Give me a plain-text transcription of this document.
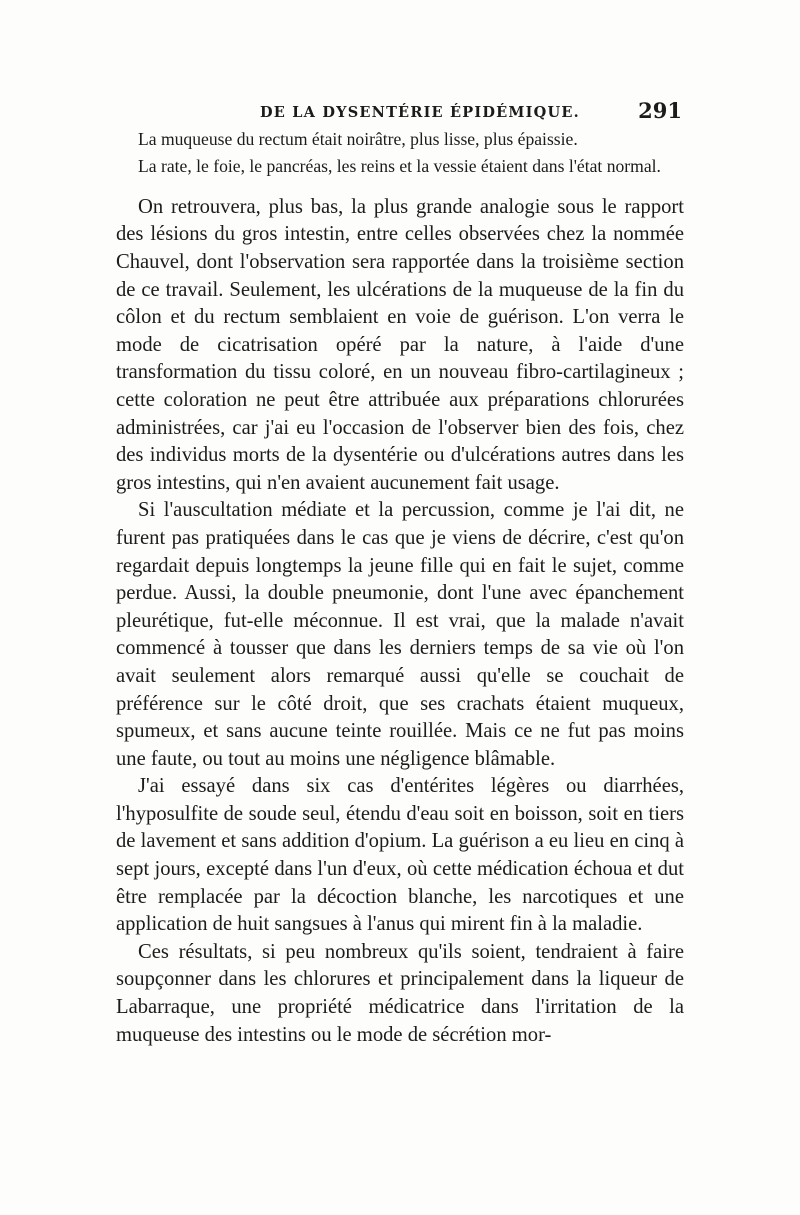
DE LA DYSENTÉRIE ÉPIDÉMIQUE.	291

La muqueuse du rectum était noirâtre, plus lisse, plus épaissie.

La rate, le foie, le pancréas, les reins et la vessie étaient dans l'état normal.

On retrouvera, plus bas, la plus grande analogie sous le rapport des lésions du gros intestin, entre celles observées chez la nommée Chauvel, dont l'observation sera rapportée dans la troisième section de ce travail. Seulement, les ulcérations de la muqueuse de la fin du côlon et du rectum semblaient en voie de guérison. L'on verra le mode de cicatrisation opéré par la nature, à l'aide d'une transformation du tissu coloré, en un nouveau fibro-cartilagineux ; cette coloration ne peut être attribuée aux préparations chlorurées administrées, car j'ai eu l'occasion de l'observer bien des fois, chez des individus morts de la dysentérie ou d'ulcérations autres dans les gros intestins, qui n'en avaient aucunement fait usage.

Si l'auscultation médiate et la percussion, comme je l'ai dit, ne furent pas pratiquées dans le cas que je viens de décrire, c'est qu'on regardait depuis longtemps la jeune fille qui en fait le sujet, comme perdue. Aussi, la double pneumonie, dont l'une avec épanchement pleurétique, fut-elle méconnue. Il est vrai, que la malade n'avait commencé à tousser que dans les derniers temps de sa vie où l'on avait seulement alors remarqué aussi qu'elle se couchait de préférence sur le côté droit, que ses crachats étaient muqueux, spumeux, et sans aucune teinte rouillée. Mais ce ne fut pas moins une faute, ou tout au moins une négligence blâmable.

J'ai essayé dans six cas d'entérites légères ou diarrhées, l'hyposulfite de soude seul, étendu d'eau soit en boisson, soit en tiers de lavement et sans addition d'opium. La guérison a eu lieu en cinq à sept jours, excepté dans l'un d'eux, où cette médication échoua et dut être remplacée par la décoction blanche, les narcotiques et une application de huit sangsues à l'anus qui mirent fin à la maladie.

Ces résultats, si peu nombreux qu'ils soient, tendraient à faire soupçonner dans les chlorures et principalement dans la liqueur de Labarraque, une propriété médicatrice dans l'irritation de la muqueuse des intestins ou le mode de sécrétion mor-
